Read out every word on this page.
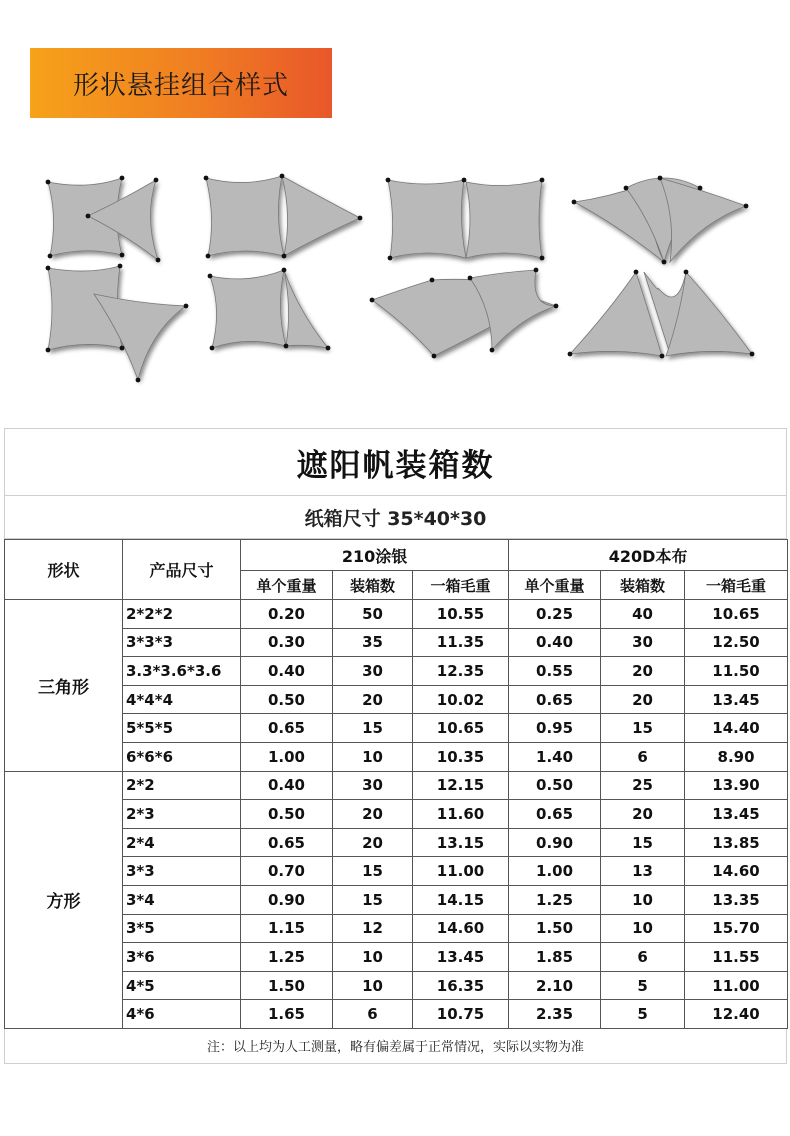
形状悬挂组合样式
遮阳帆装箱数
纸箱尺寸 35*40*30
形状	产品尺寸	210涂银			420D本布		
		单个重量	装箱数	一箱毛重	单个重量	装箱数	一箱毛重
三角形	2*2*2	0.20	50	10.55	0.25	40	10.65
	3*3*3	0.30	35	11.35	0.40	30	12.50
	3.3*3.6*3.6	0.40	30	12.35	0.55	20	11.50
	4*4*4	0.50	20	10.02	0.65	20	13.45
	5*5*5	0.65	15	10.65	0.95	15	14.40
	6*6*6	1.00	10	10.35	1.40	6	8.90
方形	2*2	0.40	30	12.15	0.50	25	13.90
	2*3	0.50	20	11.60	0.65	20	13.45
	2*4	0.65	20	13.15	0.90	15	13.85
	3*3	0.70	15	11.00	1.00	13	14.60
	3*4	0.90	15	14.15	1.25	10	13.35
	3*5	1.15	12	14.60	1.50	10	15.70
	3*6	1.25	10	13.45	1.85	6	11.55
	4*5	1.50	10	16.35	2.10	5	11.00
	4*6	1.65	6	10.75	2.35	5	12.40
注：以上均为人工测量，略有偏差属于正常情况，实际以实物为准
